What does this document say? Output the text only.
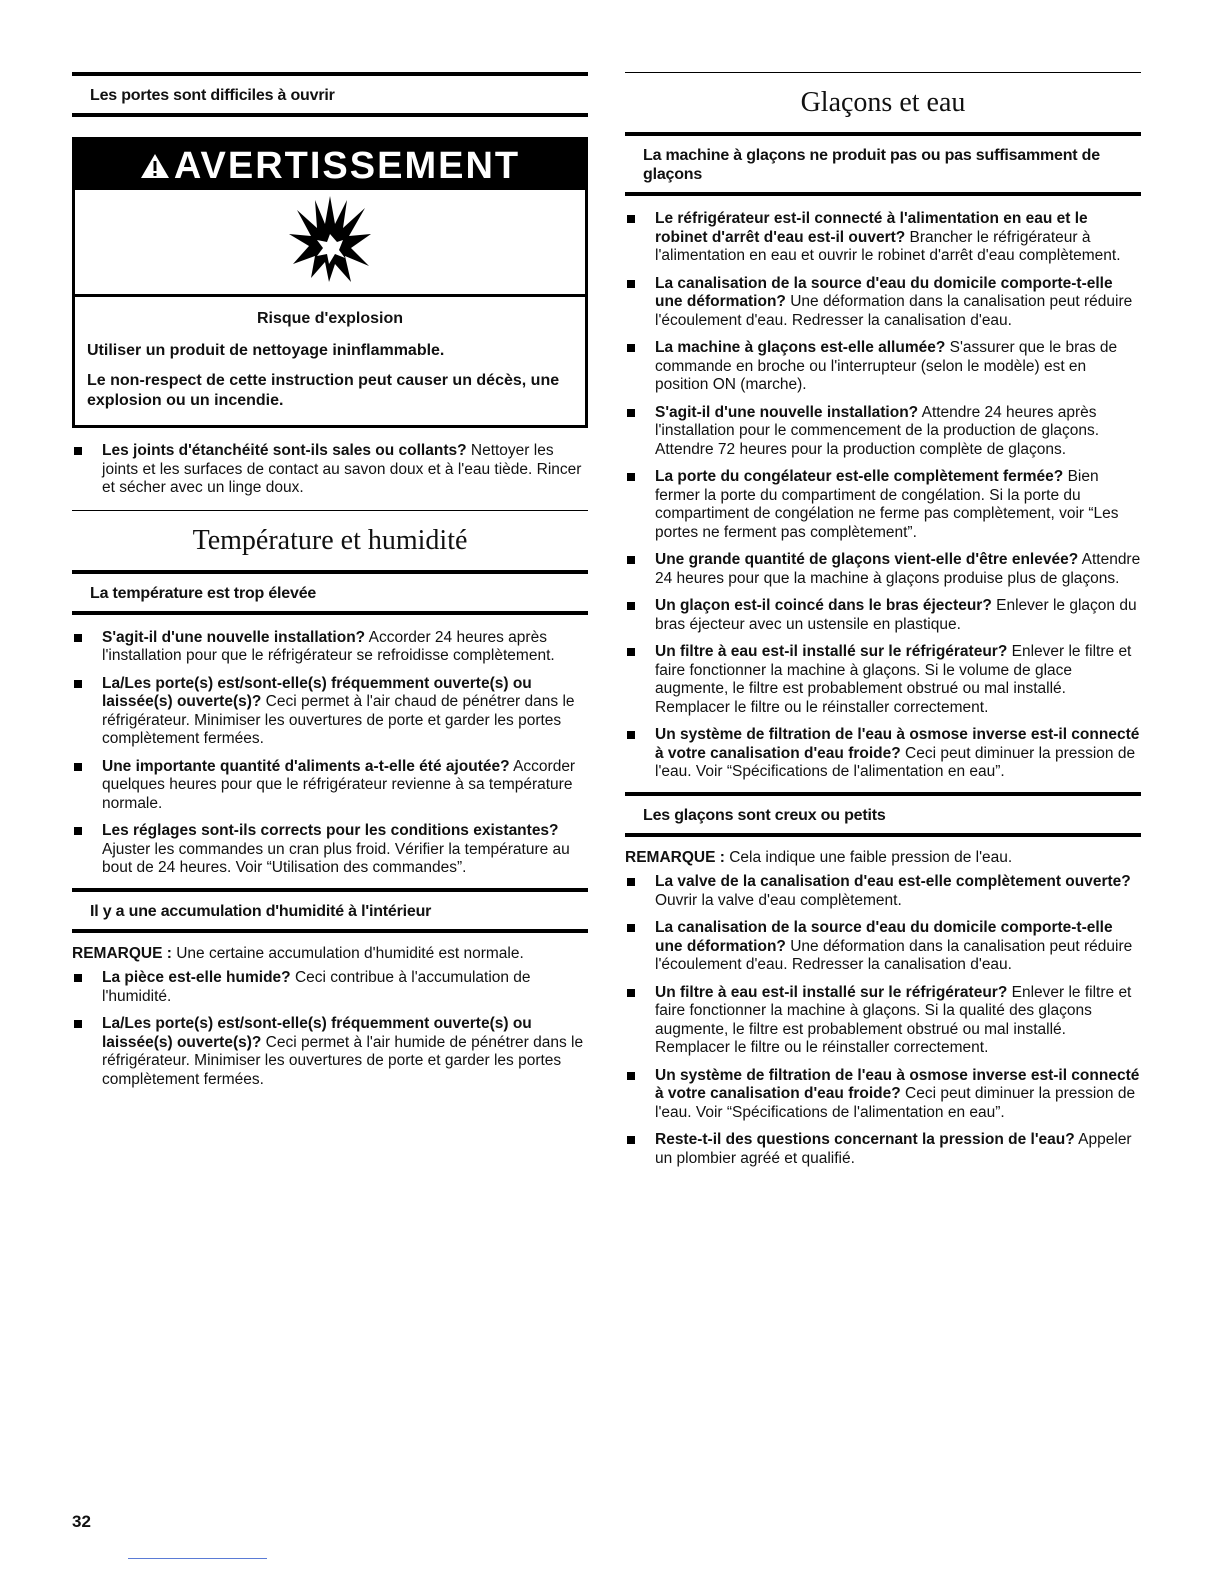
Les portes sont difficiles à ouvrir
AVERTISSEMENT
Risque d'explosion

Utiliser un produit de nettoyage ininflammable.

Le non-respect de cette instruction peut causer un décès, une explosion ou un incendie.

Les joints d'étanchéité sont-ils sales ou collants? Nettoyer les joints et les surfaces de contact au savon doux et à l'eau tiède. Rincer et sécher avec un linge doux.
Température et humidité
La température est trop élevée
S'agit-il d'une nouvelle installation? Accorder 24 heures après l'installation pour que le réfrigérateur se refroidisse complètement.
La/Les porte(s) est/sont-elle(s) fréquemment ouverte(s) ou laissée(s) ouverte(s)? Ceci permet à l'air chaud de pénétrer dans le réfrigérateur. Minimiser les ouvertures de porte et garder les portes complètement fermées.
Une importante quantité d'aliments a-t-elle été ajoutée? Accorder quelques heures pour que le réfrigérateur revienne à sa température normale.
Les réglages sont-ils corrects pour les conditions existantes? Ajuster les commandes un cran plus froid. Vérifier la température au bout de 24 heures. Voir “Utilisation des commandes”.
Il y a une accumulation d'humidité à l'intérieur

REMARQUE : Une certaine accumulation d'humidité est normale.

La pièce est-elle humide? Ceci contribue à l'accumulation de l'humidité.
La/Les porte(s) est/sont-elle(s) fréquemment ouverte(s) ou laissée(s) ouverte(s)? Ceci permet à l'air humide de pénétrer dans le réfrigérateur. Minimiser les ouvertures de porte et garder les portes complètement fermées.
Glaçons et eau
La machine à glaçons ne produit pas ou pas suffisamment de glaçons
Le réfrigérateur est-il connecté à l'alimentation en eau et le robinet d'arrêt d'eau est-il ouvert? Brancher le réfrigérateur à l'alimentation en eau et ouvrir le robinet d'arrêt d'eau complètement.
La canalisation de la source d'eau du domicile comporte-t-elle une déformation? Une déformation dans la canalisation peut réduire l'écoulement d'eau. Redresser la canalisation d'eau.
La machine à glaçons est-elle allumée? S'assurer que le bras de commande en broche ou l'interrupteur (selon le modèle) est en position ON (marche).
S'agit-il d'une nouvelle installation? Attendre 24 heures après l'installation pour le commencement de la production de glaçons. Attendre 72 heures pour la production complète de glaçons.
La porte du congélateur est-elle complètement fermée? Bien fermer la porte du compartiment de congélation. Si la porte du compartiment de congélation ne ferme pas complètement, voir “Les portes ne ferment pas complètement”.
Une grande quantité de glaçons vient-elle d'être enlevée? Attendre 24 heures pour que la machine à glaçons produise plus de glaçons.
Un glaçon est-il coincé dans le bras éjecteur? Enlever le glaçon du bras éjecteur avec un ustensile en plastique.
Un filtre à eau est-il installé sur le réfrigérateur? Enlever le filtre et faire fonctionner la machine à glaçons. Si le volume de glace augmente, le filtre est probablement obstrué ou mal installé. Remplacer le filtre ou le réinstaller correctement.
Un système de filtration de l'eau à osmose inverse est-il connecté à votre canalisation d'eau froide? Ceci peut diminuer la pression de l'eau. Voir “Spécifications de l'alimentation en eau”.
Les glaçons sont creux ou petits

REMARQUE : Cela indique une faible pression de l'eau.

La valve de la canalisation d'eau est-elle complètement ouverte? Ouvrir la valve d'eau complètement.
La canalisation de la source d'eau du domicile comporte-t-elle une déformation? Une déformation dans la canalisation peut réduire l'écoulement d'eau. Redresser la canalisation d'eau.
Un filtre à eau est-il installé sur le réfrigérateur? Enlever le filtre et faire fonctionner la machine à glaçons. Si la qualité des glaçons augmente, le filtre est probablement obstrué ou mal installé. Remplacer le filtre ou le réinstaller correctement.
Un système de filtration de l'eau à osmose inverse est-il connecté à votre canalisation d'eau froide? Ceci peut diminuer la pression de l'eau. Voir “Spécifications de l'alimentation en eau”.
Reste-t-il des questions concernant la pression de l'eau? Appeler un plombier agréé et qualifié.
32
